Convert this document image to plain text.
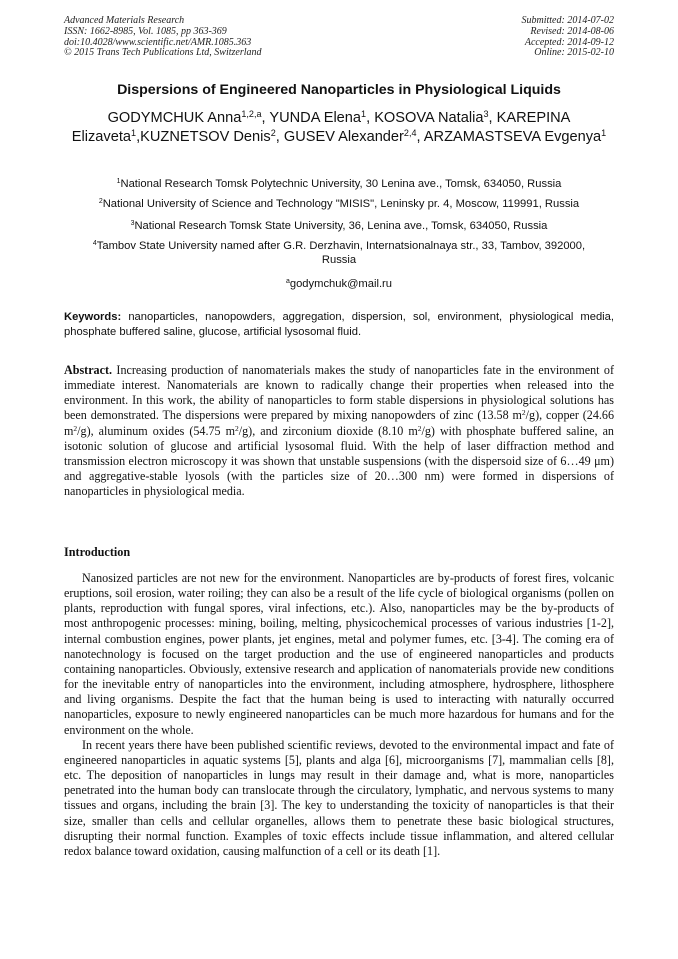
Advanced Materials Research
ISSN: 1662-8985, Vol. 1085, pp 363-369
doi:10.4028/www.scientific.net/AMR.1085.363
© 2015 Trans Tech Publications Ltd, Switzerland
Submitted: 2014-07-02
Revised: 2014-08-06
Accepted: 2014-09-12
Online: 2015-02-10
Dispersions of Engineered Nanoparticles in Physiological Liquids
GODYMCHUK Anna$^{1,2,a}$, YUNDA Elena$^1$, KOSOVA Natalia$^3$, KAREPINA Elizaveta$^1$,KUZNETSOV Denis$^2$, GUSEV Alexander$^{2,4}$, ARZAMASTSEVA Evgenya$^1$
$^1$National Research Tomsk Polytechnic University, 30 Lenina ave., Tomsk, 634050, Russia
$^2$National University of Science and Technology "MISIS", Leninsky pr. 4, Moscow, 119991, Russia
$^3$National Research Tomsk State University, 36, Lenina ave., Tomsk, 634050, Russia
$^4$Tambov State University named after G.R. Derzhavin, Internatsionalnaya str., 33, Tambov, 392000, Russia
$^a$godymchuk@mail.ru
Keywords: nanoparticles, nanopowders, aggregation, dispersion, sol, environment, physiological media, phosphate buffered saline, glucose, artificial lysosomal fluid.
Abstract. Increasing production of nanomaterials makes the study of nanoparticles fate in the environment of immediate interest. Nanomaterials are known to radically change their properties when released into the environment. In this work, the ability of nanoparticles to form stable dispersions in physiological solutions has been demonstrated. The dispersions were prepared by mixing nanopowders of zinc (13.58 $m^2/g$), copper (24.66 $m^2/g$), aluminum oxides (54.75 $m^2/g$), and zirconium dioxide (8.10 $m^2/g$) with phosphate buffered saline, an isotonic solution of glucose and artificial lysosomal fluid. With the help of laser diffraction method and transmission electron microscopy it was shown that unstable suspensions (with the dispersoid size of 6…49 μm) and aggregative-stable lyosols (with the particles size of 20…300 nm) were formed in dispersions of nanoparticles in physiological media.
Introduction

Nanosized particles are not new for the environment. Nanoparticles are by-products of forest fires, volcanic eruptions, soil erosion, water roiling; they can also be a result of the life cycle of biological organisms (pollen on plants, reproduction with fungal spores, viral infections, etc.). Also, nanoparticles may be the by-products of most anthropogenic processes: mining, boiling, melting, physicochemical processes of various industries [1-2], internal combustion engines, power plants, jet engines, metal and polymer fumes, etc. [3-4]. The coming era of nanotechnology is focused on the target production and the use of engineered nanoparticles and products containing nanoparticles. Obviously, extensive research and application of nanomaterials provide new conditions for the inevitable entry of nanoparticles into the environment, including atmosphere, hydrosphere, lithosphere and living organisms. Despite the fact that the human being is used to interacting with naturally occurred nanoparticles, exposure to newly engineered nanoparticles can be much more hazardous for humans and for the environment on the whole.

In recent years there have been published scientific reviews, devoted to the environmental impact and fate of engineered nanoparticles in aquatic systems [5], plants and alga [6], microorganisms [7], mammalian cells [8], etc. The deposition of nanoparticles in lungs may result in their damage and, what is more, nanoparticles penetrated into the human body can translocate through the circulatory, lymphatic, and nervous systems to many tissues and organs, including the brain [3]. The key to understanding the toxicity of nanoparticles is that their size, smaller than cells and cellular organelles, allows them to penetrate these basic biological structures, disrupting their normal function. Examples of toxic effects include tissue inflammation, and altered cellular redox balance toward oxidation, causing malfunction of a cell or its death [1].
